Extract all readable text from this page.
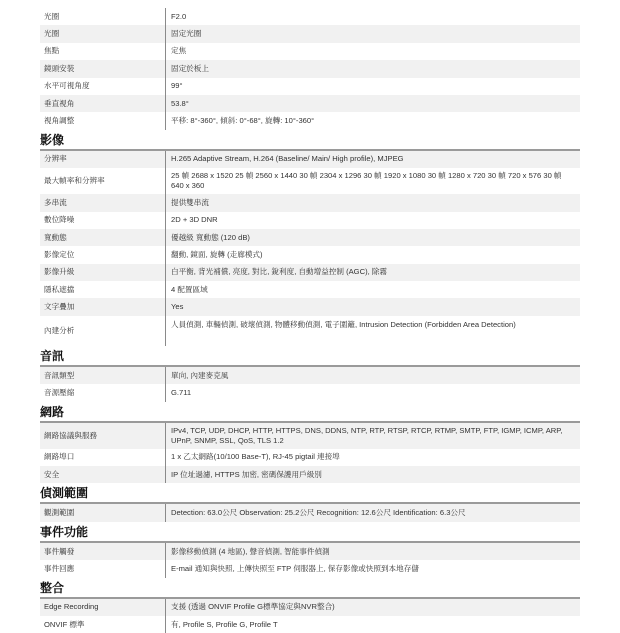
光圈	F2.0
光圈	固定光圈
焦點	定焦
鏡頭安裝	固定於板上
水平可視角度	99°
垂直視角	53.8°
視角調整	平移: 8°-360°, 傾斜: 0°-68°, 旋轉: 10°-360°
影像
分辨率	H.265 Adaptive Stream, H.264 (Baseline/ Main/ High profile), MJPEG
最大幀率和分辨率	25 幀 2688 x 1520 25 幀 2560 x 1440 30 幀 2304 x 1296 30 幀 1920 x 1080 30 幀 1280 x 720 30 幀 720 x 576 30 幀 640 x 360
多串流	提供雙串流
數位降噪	2D + 3D DNR
寬動態	優越級 寬動態 (120 dB)
影像定位	翻動, 鏡面, 旋轉 (走廊模式)
影像升級	白平衡, 背光補償, 亮度, 對比, 銳利度, 自動增益控制 (AGC), 除霧
隱私遮擋	4 配置區域
文字疊加	Yes
內建分析	人員偵測, 車輛偵測, 破壞偵測, 物體移動偵測, 電子圍籬, Intrusion Detection (Forbidden Area Detection)
音訊
音訊類型	單向, 內建麥克風
音源壓縮	G.711
網路
網路協議與服務	IPv4, TCP, UDP, DHCP, HTTP, HTTPS, DNS, DDNS, NTP, RTP, RTSP, RTCP, RTMP, SMTP, FTP, IGMP, ICMP, ARP, UPnP, SNMP, SSL, QoS, TLS 1.2
網路埠口	1 x 乙太網路(10/100 Base-T), RJ-45 pigtail 連接埠
安全	IP 位址過濾, HTTPS 加密, 密碼保護用戶級別
偵測範圍
觀測範圍	Detection: 63.0公尺 Observation: 25.2公尺 Recognition: 12.6公尺 Identification: 6.3公尺
事件功能
事件觸發	影像移動偵測 (4 地區), 聲音偵測, 智能事件偵測
事件回應	E-mail 通知與快照, 上傳快照至 FTP 伺服器上, 保存影像或快照到本地存儲
整合
Edge Recording	支援 (透過 ONVIF Profile G標準協定與NVR整合)
ONVIF 標準	有, Profile S, Profile G, Profile T
